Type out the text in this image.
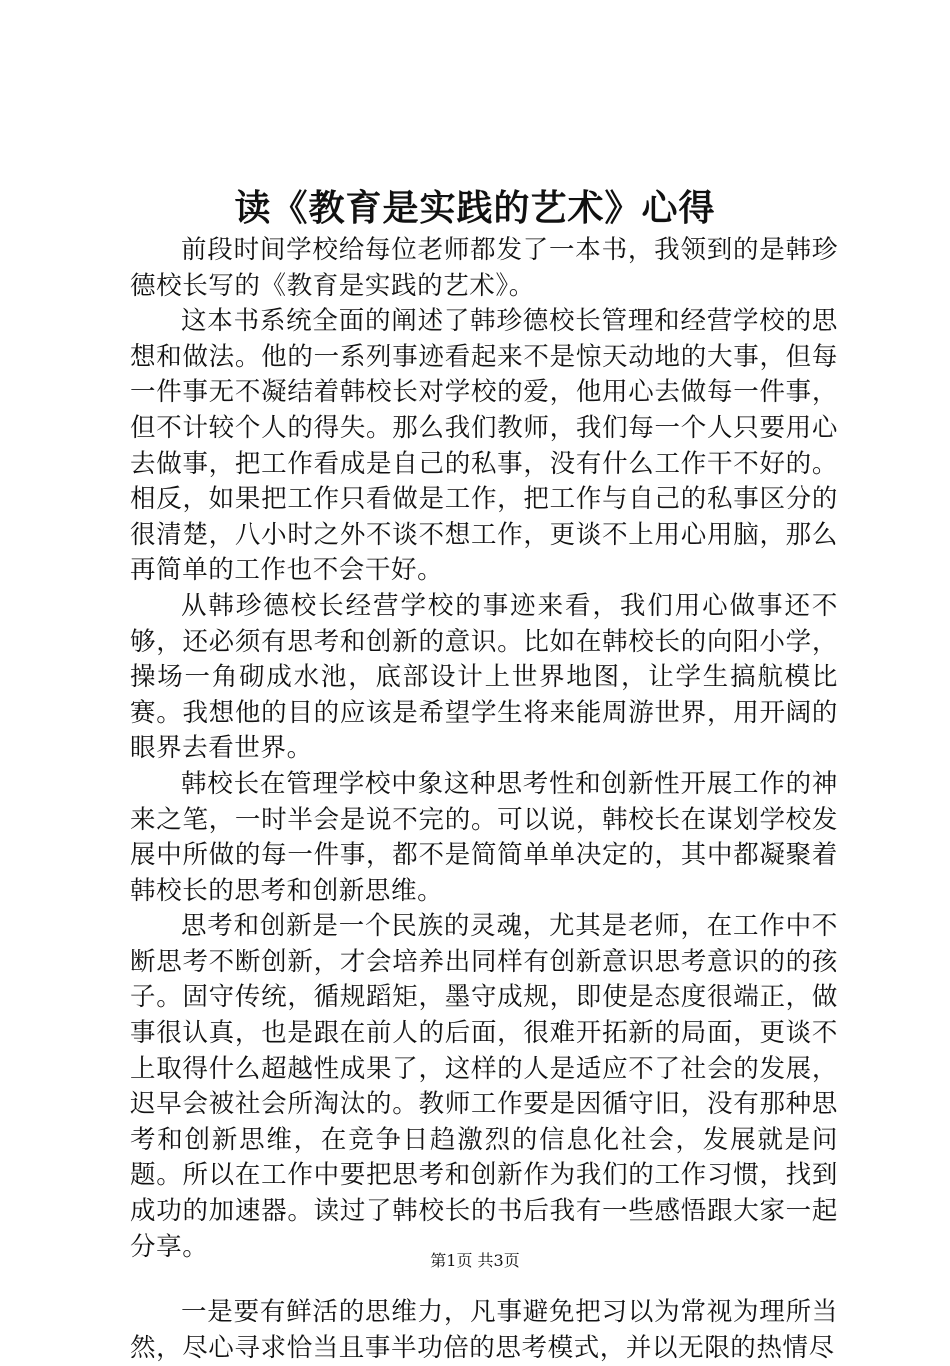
读《教育是实践的艺术》心得

前段时间学校给每位老师都发了一本书，我领到的是韩珍德校长写的《教育是实践的艺术》。

这本书系统全面的阐述了韩珍德校长管理和经营学校的思想和做法。他的一系列事迹看起来不是惊天动地的大事，但每一件事无不凝结着韩校长对学校的爱，他用心去做每一件事，但不计较个人的得失。那么我们教师，我们每一个人只要用心去做事，把工作看成是自己的私事，没有什么工作干不好的。相反，如果把工作只看做是工作，把工作与自己的私事区分的很清楚，八小时之外不谈不想工作，更谈不上用心用脑，那么再简单的工作也不会干好。

从韩珍德校长经营学校的事迹来看，我们用心做事还不够，还必须有思考和创新的意识。比如在韩校长的向阳小学，操场一角砌成水池，底部设计上世界地图，让学生搞航模比赛。我想他的目的应该是希望学生将来能周游世界，用开阔的眼界去看世界。

韩校长在管理学校中象这种思考性和创新性开展工作的神来之笔，一时半会是说不完的。可以说，韩校长在谋划学校发展中所做的每一件事，都不是简简单单决定的，其中都凝聚着韩校长的思考和创新思维。

思考和创新是一个民族的灵魂，尤其是老师，在工作中不断思考不断创新，才会培养出同样有创新意识思考意识的的孩子。固守传统，循规蹈矩，墨守成规，即使是态度很端正，做事很认真，也是跟在前人的后面，很难开拓新的局面，更谈不上取得什么超越性成果了，这样的人是适应不了社会的发展，迟早会被社会所淘汰的。教师工作要是因循守旧，没有那种思考和创新思维，在竞争日趋激烈的信息化社会，发展就是问题。所以在工作中要把思考和创新作为我们的工作习惯，找到成功的加速器。读过了韩校长的书后我有一些感悟跟大家一起分享。

一是要有鲜活的思维力，凡事避免把习以为常视为理所当然，尽心寻求恰当且事半功倍的思考模式，并以无限的热情尽

第1页 共3页
